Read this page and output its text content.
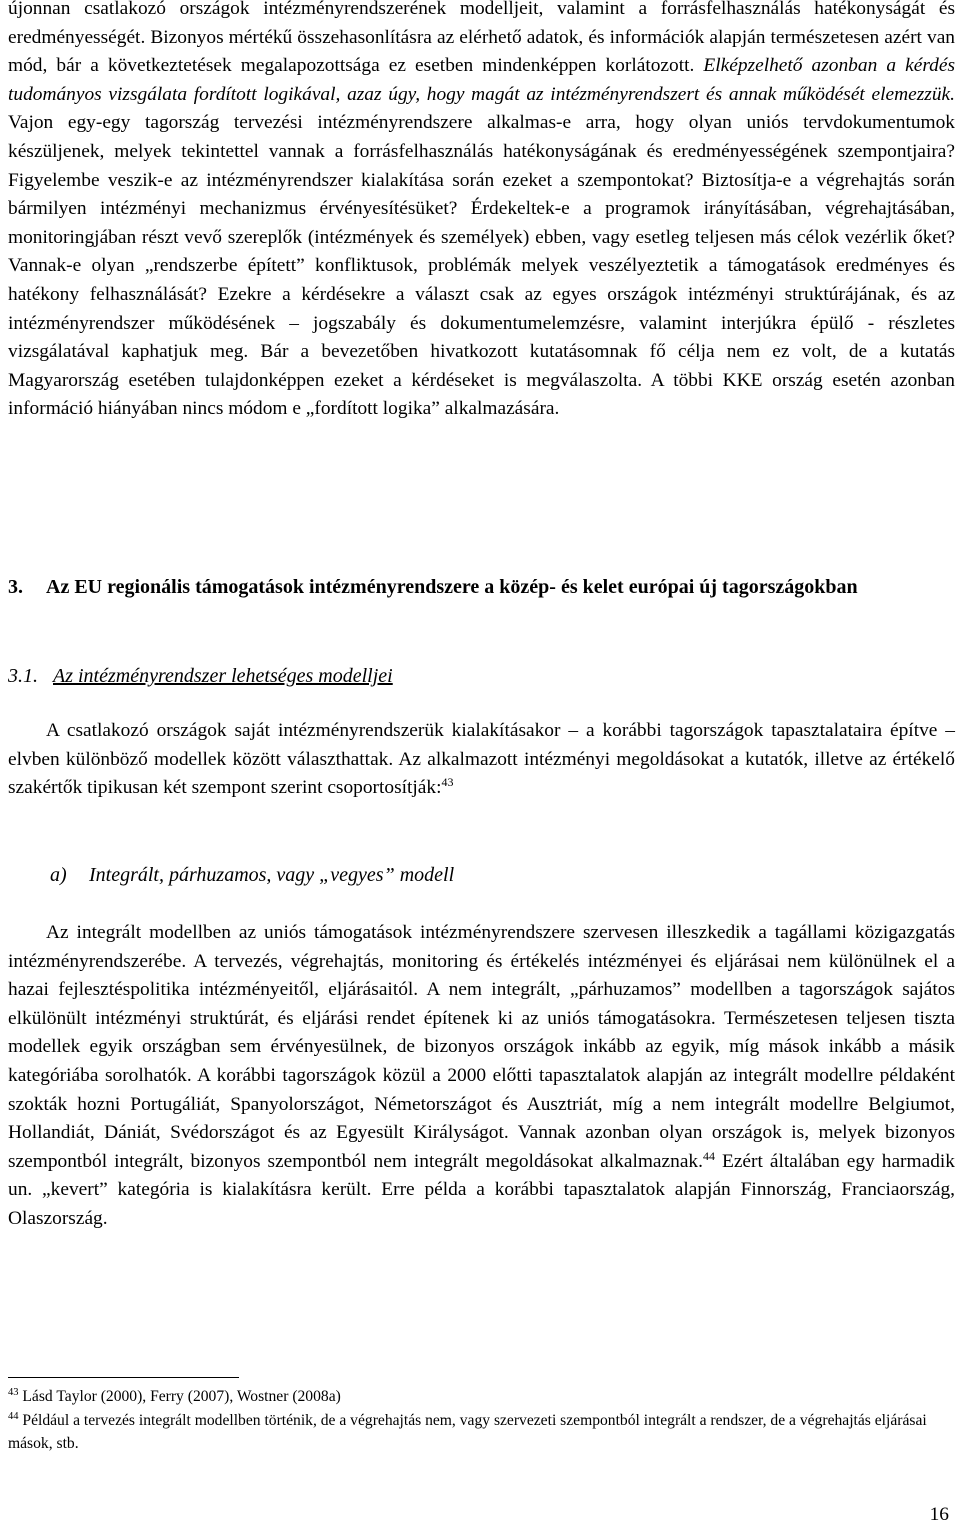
újonnan csatlakozó országok intézményrendszerének modelljeit, valamint a forrásfelhasználás hatékonyságát és eredményességét. Bizonyos mértékű összehasonlításra az elérhető adatok, és információk alapján természetesen azért van mód, bár a következtetések megalapozottsága ez esetben mindenképpen korlátozott. Elképzelhető azonban a kérdés tudományos vizsgálata fordított logikával, azaz úgy, hogy magát az intézményrendszert és annak működését elemezzük. Vajon egy-egy tagország tervezési intézményrendszere alkalmas-e arra, hogy olyan uniós tervdokumentumok készüljenek, melyek tekintettel vannak a forrásfelhasználás hatékonyságának és eredményességének szempontjaira? Figyelembe veszik-e az intézményrendszer kialakítása során ezeket a szempontokat? Biztosítja-e a végrehajtás során bármilyen intézményi mechanizmus érvényesítésüket? Érdekeltek-e a programok irányításában, végrehajtásában, monitoringjában részt vevő szereplők (intézmények és személyek) ebben, vagy esetleg teljesen más célok vezérlik őket? Vannak-e olyan „rendszerbe épített” konfliktusok, problémák melyek veszélyeztetik a támogatások eredményes és hatékony felhasználását? Ezekre a kérdésekre a választ csak az egyes országok intézményi struktúrájának, és az intézményrendszer működésének – jogszabály és dokumentumelemzésre, valamint interjúkra épülő - részletes vizsgálatával kaphatjuk meg. Bár a bevezetőben hivatkozott kutatásomnak fő célja nem ez volt, de a kutatás Magyarország esetében tulajdonképpen ezeket a kérdéseket is megválaszolta. A többi KKE ország esetén azonban információ hiányában nincs módom e „fordított logika” alkalmazására.

3.	Az EU regionális támogatások intézményrendszere a közép- és kelet európai új tagországokban
3.1. Az intézményrendszer lehetséges modelljei

A csatlakozó országok saját intézményrendszerük kialakításakor – a korábbi tagországok tapasztalataira építve – elvben különböző modellek között választhattak. Az alkalmazott intézményi megoldásokat a kutatók, illetve az értékelő szakértők tipikusan két szempont szerint csoportosítják:$^{43}$

a) Integrált, párhuzamos, vagy „vegyes” modell

Az integrált modellben az uniós támogatások intézményrendszere szervesen illeszkedik a tagállami közigazgatás intézményrendszerébe. A tervezés, végrehajtás, monitoring és értékelés intézményei és eljárásai nem különülnek el a hazai fejlesztéspolitika intézményeitől, eljárásaitól. A nem integrált, „párhuzamos” modellben a tagországok sajátos elkülönült intézményi struktúrát, és eljárási rendet építenek ki az uniós támogatásokra. Természetesen teljesen tiszta modellek egyik országban sem érvényesülnek, de bizonyos országok inkább az egyik, míg mások inkább a másik kategóriába sorolhatók. A korábbi tagországok közül a 2000 előtti tapasztalatok alapján az integrált modellre példaként szokták hozni Portugáliát, Spanyolországot, Németországot és Ausztriát, míg a nem integrált modellre Belgiumot, Hollandiát, Dániát, Svédországot és az Egyesült Királyságot. Vannak azonban olyan országok is, melyek bizonyos szempontból integrált, bizonyos szempontból nem integrált megoldásokat alkalmaznak.$^{44}$ Ezért általában egy harmadik un. „kevert” kategória is kialakításra került. Erre példa a korábbi tapasztalatok alapján Finnország, Franciaország, Olaszország.

$^{43}$ Lásd Taylor (2000), Ferry (2007), Wostner (2008a)

$^{44}$ Például a tervezés integrált modellben történik, de a végrehajtás nem, vagy szervezeti szempontból integrált a rendszer, de a végrehajtás eljárásai mások, stb.

16
